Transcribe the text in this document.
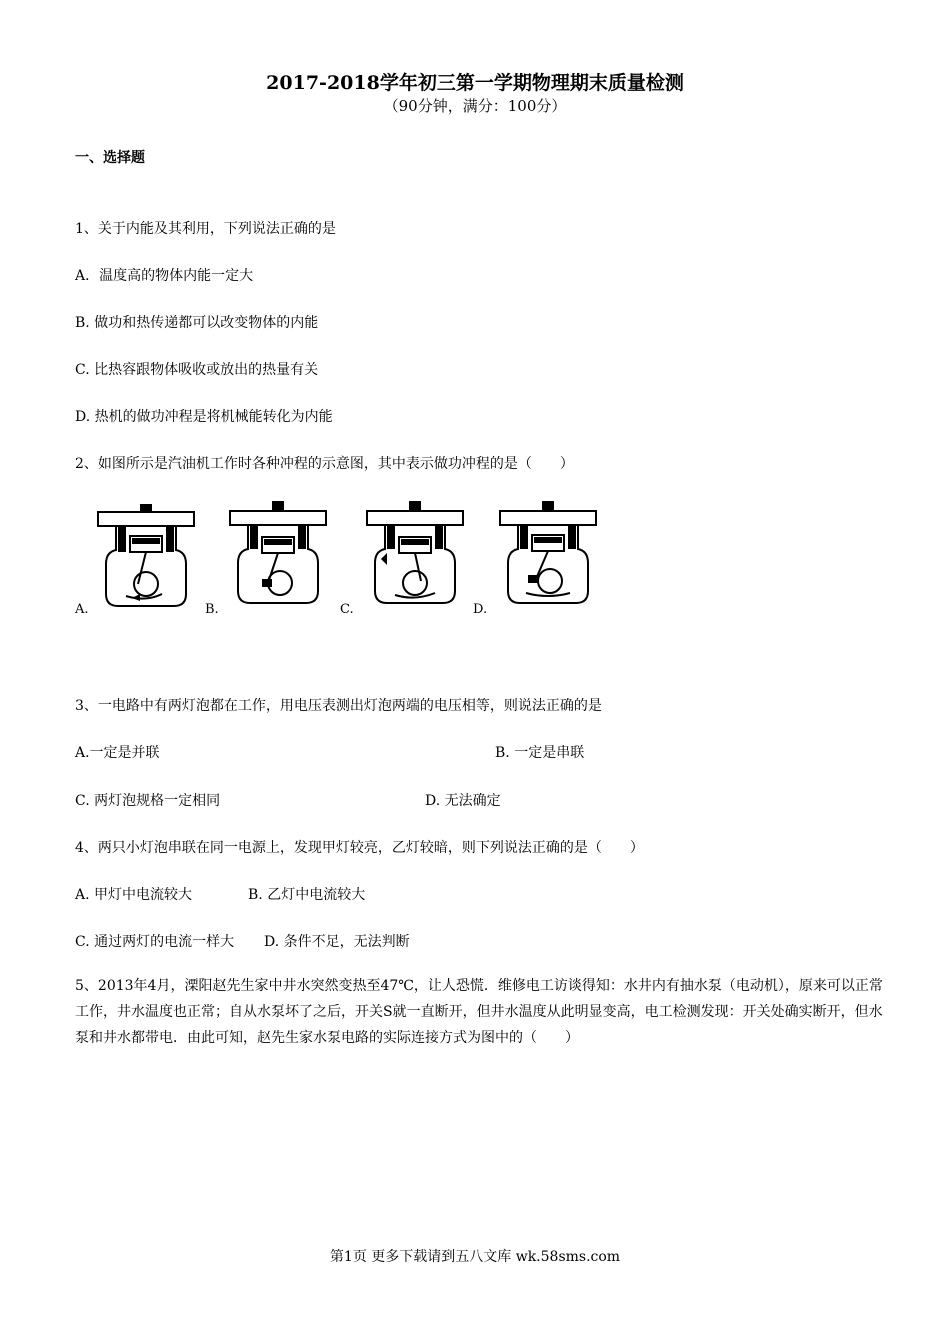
2017-2018学年初三第一学期物理期末质量检测
（90分钟，满分：100分）
一、选择题
1、关于内能及其利用，下列说法正确的是
A．温度高的物体内能一定大
B. 做功和热传递都可以改变物体的内能
C. 比热容跟物体吸收或放出的热量有关
D. 热机的做功冲程是将机械能转化为内能
2、如图所示是汽油机工作时各种冲程的示意图，其中表示做功冲程的是（　　）
A.	B.	C.	D.
3、一电路中有两灯泡都在工作，用电压表测出灯泡两端的电压相等，则说法正确的是
A.一定是并联	B. 一定是串联
C. 两灯泡规格一定相同	D. 无法确定
4、两只小灯泡串联在同一电源上，发现甲灯较亮，乙灯较暗，则下列说法正确的是（　　）
A. 甲灯中电流较大	B. 乙灯中电流较大
C. 通过两灯的电流一样大 D. 条件不足，无法判断
5、2013年4月，溧阳赵先生家中井水突然变热至47℃，让人恐慌．维修电工访谈得知：水井内有抽水泵（电动机），原来可以正常工作，井水温度也正常；自从水泵坏了之后，开关S就一直断开，但井水温度从此明显变高，电工检测发现：开关处确实断开，但水泵和井水都带电．由此可知，赵先生家水泵电路的实际连接方式为图中的（　　）
第1页 更多下载请到五八文库 wk.58sms.com
